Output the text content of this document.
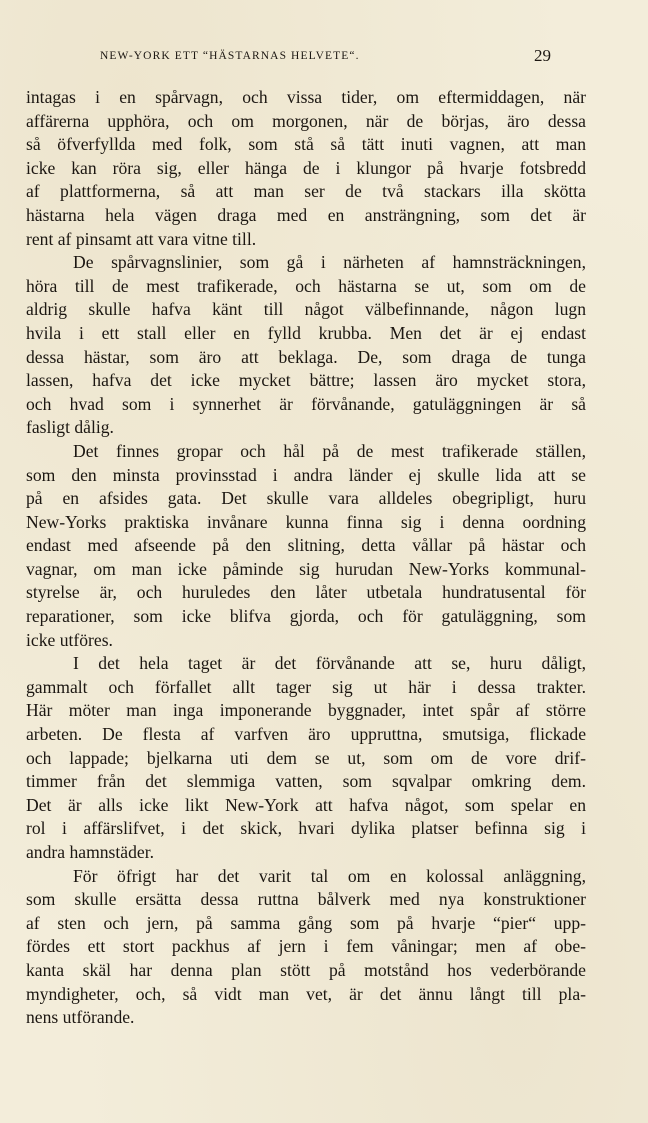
NEW-YORK ETT “HÄSTARNAS HELVETE“.	29

intagas i en spårvagn, och vissa tider, om eftermiddagen, när
affärerna upphöra, och om morgonen, när de börjas, äro dessa
så öfverfyllda med folk, som stå så tätt inuti vagnen, att man
icke kan röra sig, eller hänga de i klungor på hvarje fotsbredd
af plattformerna, så att man ser de två stackars illa skötta
hästarna hela vägen draga med en ansträngning, som det är
rent af pinsamt att vara vitne till.

De spårvagnslinier, som gå i närheten af hamnsträckningen,
höra till de mest trafikerade, och hästarna se ut, som om de
aldrig skulle hafva känt till något välbefinnande, någon lugn
hvila i ett stall eller en fylld krubba. Men det är ej endast
dessa hästar, som äro att beklaga. De, som draga de tunga
lassen, hafva det icke mycket bättre; lassen äro mycket stora,
och hvad som i synnerhet är förvånande, gatuläggningen är så
fasligt dålig.

Det finnes gropar och hål på de mest trafikerade ställen,
som den minsta provinsstad i andra länder ej skulle lida att se
på en afsides gata. Det skulle vara alldeles obegripligt, huru
New-Yorks praktiska invånare kunna finna sig i denna oordning
endast med afseende på den slitning, detta vållar på hästar och
vagnar, om man icke påminde sig hurudan New-Yorks kommunal-
styrelse är, och huruledes den låter utbetala hundratusental för
reparationer, som icke blifva gjorda, och för gatuläggning, som
icke utföres.

I det hela taget är det förvånande att se, huru dåligt,
gammalt och förfallet allt tager sig ut här i dessa trakter.
Här möter man inga imponerande byggnader, intet spår af större
arbeten. De flesta af varfven äro uppruttna, smutsiga, flickade
och lappade; bjelkarna uti dem se ut, som om de vore drif-
timmer från det slemmiga vatten, som sqvalpar omkring dem.
Det är alls icke likt New-York att hafva något, som spelar en
rol i affärslifvet, i det skick, hvari dylika platser befinna sig i
andra hamnstäder.

För öfrigt har det varit tal om en kolossal anläggning,
som skulle ersätta dessa ruttna bålverk med nya konstruktioner
af sten och jern, på samma gång som på hvarje “pier“ upp-
fördes ett stort packhus af jern i fem våningar; men af obe-
kanta skäl har denna plan stött på motstånd hos vederbörande
myndigheter, och, så vidt man vet, är det ännu långt till pla-
nens utförande.
